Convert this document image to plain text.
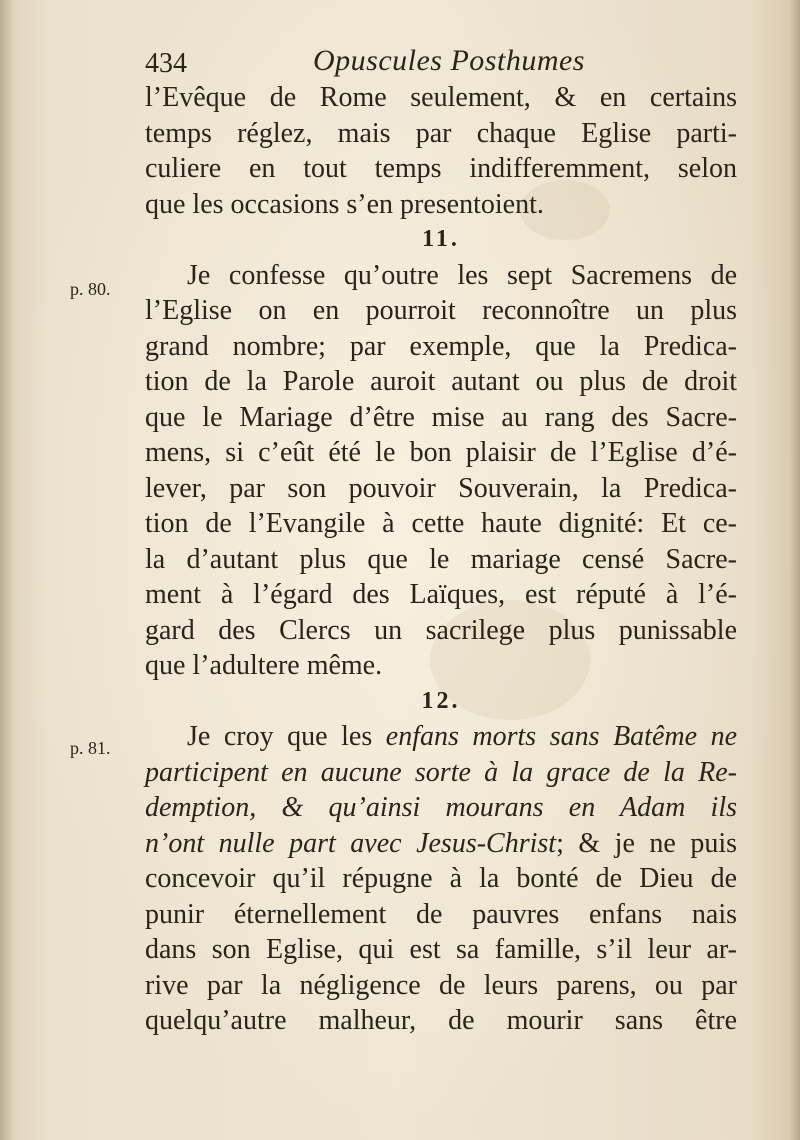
434	Opuscules Posthumes
p. 80.
p. 81.
l’Evêque de Rome seulement, & en certains
temps réglez, mais par chaque Eglise parti-
culiere en tout temps indifferemment, selon
que les occasions s’en presentoient.
11.
Je confesse qu’outre les sept Sacremens de
l’Eglise on en pourroit reconnoître un plus
grand nombre; par exemple, que la Predica-
tion de la Parole auroit autant ou plus de droit
que le Mariage d’être mise au rang des Sacre-
mens, si c’eût été le bon plaisir de l’Eglise d’é-
lever, par son pouvoir Souverain, la Predica-
tion de l’Evangile à cette haute dignité: Et ce-
la d’autant plus que le mariage censé Sacre-
ment à l’égard des Laïques, est réputé à l’é-
gard des Clercs un sacrilege plus punissable
que l’adultere même.
12.
Je croy que les enfans morts sans Batême ne
participent en aucune sorte à la grace de la Re-
demption, & qu’ainsi mourans en Adam ils
n’ont nulle part avec Jesus-Christ; & je ne puis
concevoir qu’il répugne à la bonté de Dieu de
punir éternellement de pauvres enfans nais
dans son Eglise, qui est sa famille, s’il leur ar-
rive par la négligence de leurs parens, ou par
quelqu’autre malheur, de mourir sans être
